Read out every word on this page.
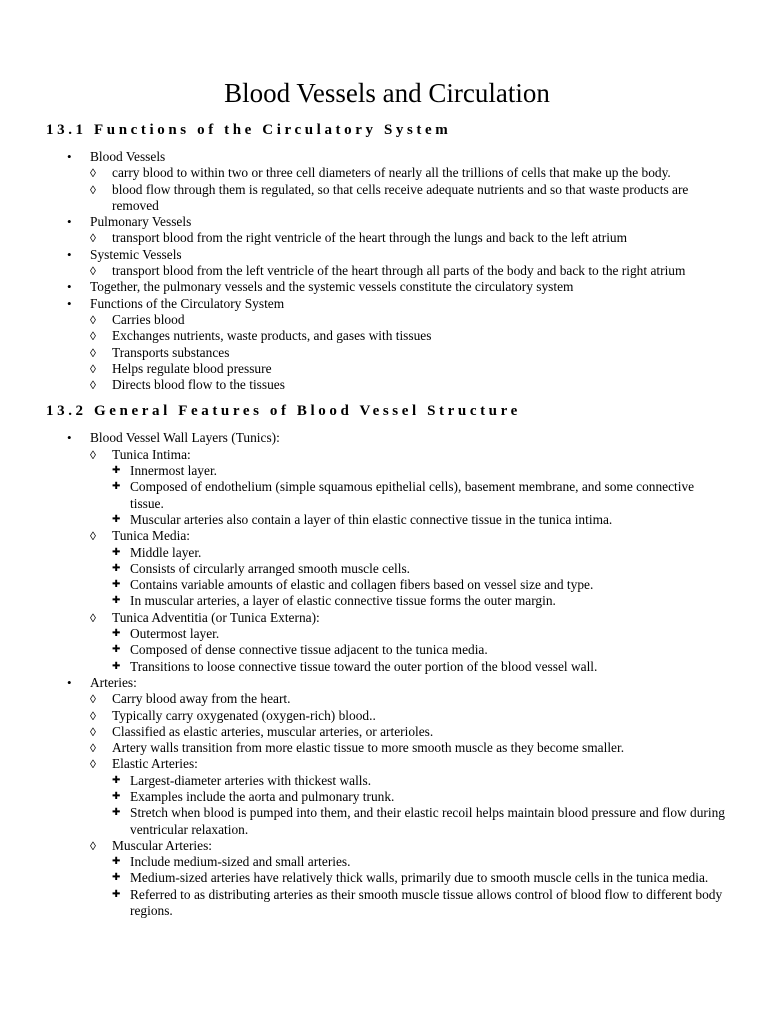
Blood Vessels and Circulation
13.1 Functions of the Circulatory System
• Blood Vessels
◊ carry blood to within two or three cell diameters of nearly all the trillions of cells that make up the body.
◊ blood flow through them is regulated, so that cells receive adequate nutrients and so that waste products are removed
• Pulmonary Vessels
◊ transport blood from the right ventricle of the heart through the lungs and back to the left atrium
• Systemic Vessels
◊ transport blood from the left ventricle of the heart through all parts of the body and back to the right atrium
• Together, the pulmonary vessels and the systemic vessels constitute the circulatory system
• Functions of the Circulatory System
◊ Carries blood
◊ Exchanges nutrients, waste products, and gases with tissues
◊ Transports substances
◊ Helps regulate blood pressure
◊ Directs blood flow to the tissues
13.2 General Features of Blood Vessel Structure
• Blood Vessel Wall Layers (Tunics):
◊ Tunica Intima:
✚ Innermost layer.
✚ Composed of endothelium (simple squamous epithelial cells), basement membrane, and some connective tissue.
✚ Muscular arteries also contain a layer of thin elastic connective tissue in the tunica intima.
◊ Tunica Media:
✚ Middle layer.
✚ Consists of circularly arranged smooth muscle cells.
✚ Contains variable amounts of elastic and collagen fibers based on vessel size and type.
✚ In muscular arteries, a layer of elastic connective tissue forms the outer margin.
◊ Tunica Adventitia (or Tunica Externa):
✚ Outermost layer.
✚ Composed of dense connective tissue adjacent to the tunica media.
✚ Transitions to loose connective tissue toward the outer portion of the blood vessel wall.
• Arteries:
◊ Carry blood away from the heart.
◊ Typically carry oxygenated (oxygen-rich) blood..
◊ Classified as elastic arteries, muscular arteries, or arterioles.
◊ Artery walls transition from more elastic tissue to more smooth muscle as they become smaller.
◊ Elastic Arteries:
✚ Largest-diameter arteries with thickest walls.
✚ Examples include the aorta and pulmonary trunk.
✚ Stretch when blood is pumped into them, and their elastic recoil helps maintain blood pressure and flow during ventricular relaxation.
◊ Muscular Arteries:
✚ Include medium-sized and small arteries.
✚ Medium-sized arteries have relatively thick walls, primarily due to smooth muscle cells in the tunica media.
✚ Referred to as distributing arteries as their smooth muscle tissue allows control of blood flow to different body regions.
